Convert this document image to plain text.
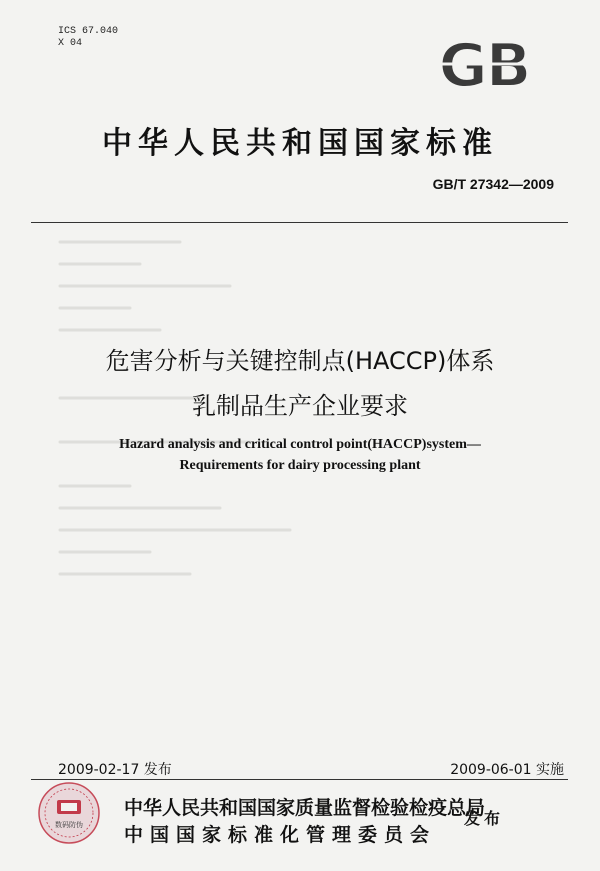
ICS 67.040
X 04	GB
中华人民共和国国家标准
GB/T 27342—2009
危害分析与关键控制点(HACCP)体系
乳制品生产企业要求
Hazard analysis and critical control point(HACCP)system—
Requirements for dairy processing plant
2009-02-17 发布	2009-06-01 实施
数码防伪
中华人民共和国国家质量监督检验检疫总局
中国国家标准化管理委员会
发布
